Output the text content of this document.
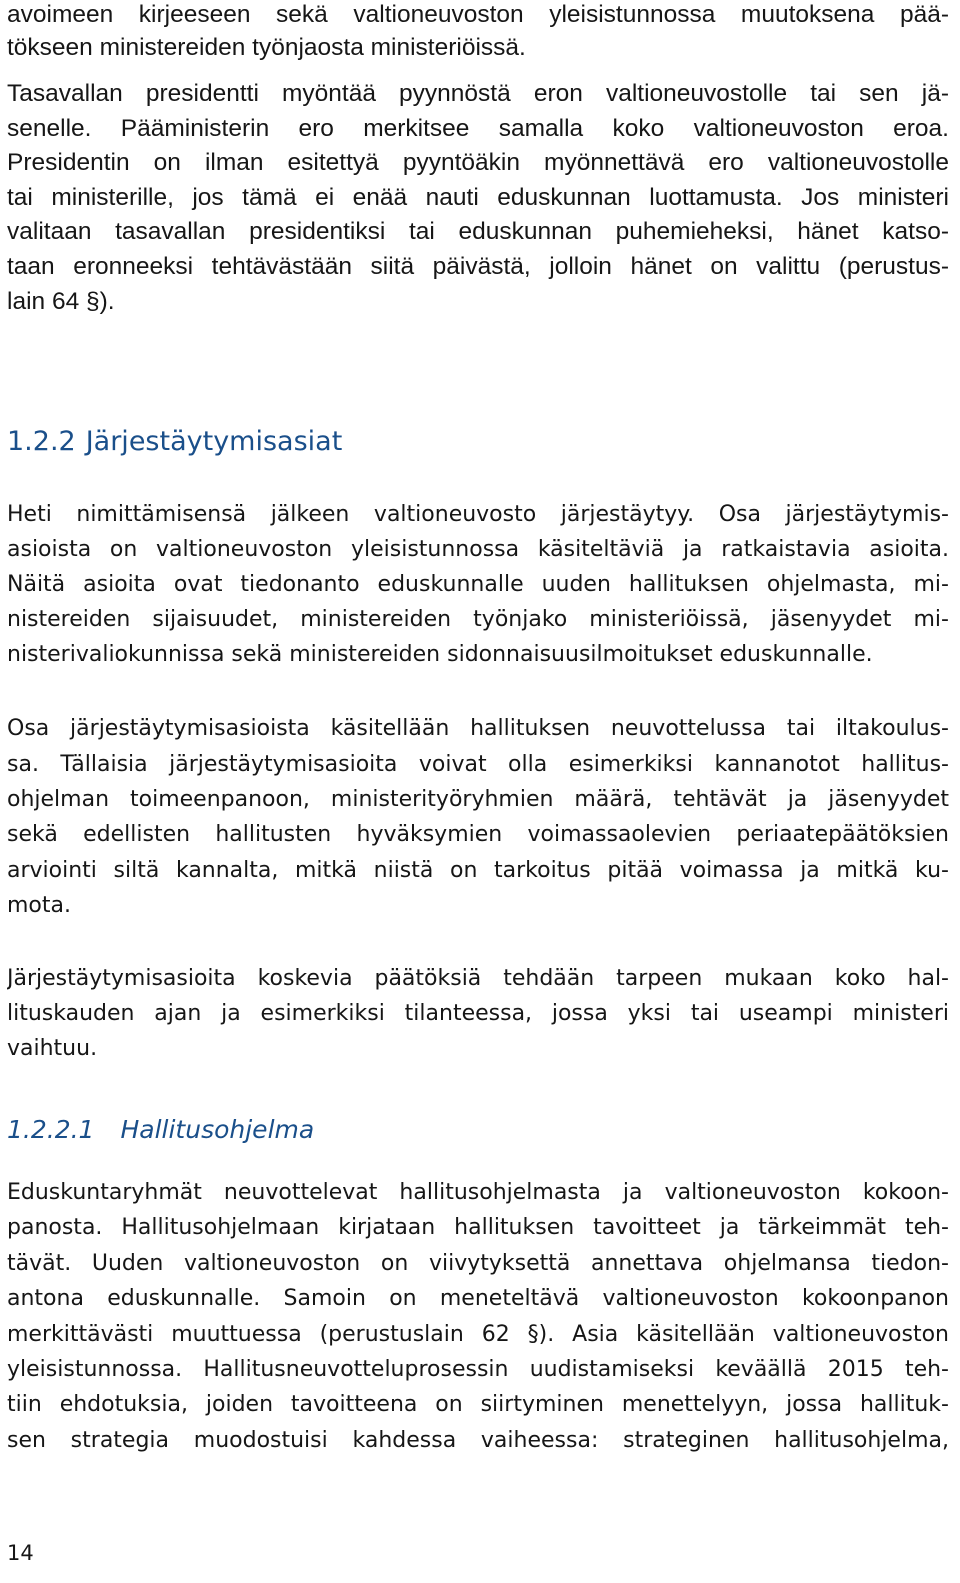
avoimeen kirjeeseen sekä valtioneuvoston yleisistunnossa muutoksena pää-
tökseen ministereiden työnjaosta ministeriöissä.
Tasavallan presidentti myöntää pyynnöstä eron valtioneuvostolle tai sen jä-
senelle. Pääministerin ero merkitsee samalla koko valtioneuvoston eroa.
Presidentin on ilman esitettyä pyyntöäkin myönnettävä ero valtioneuvostolle
tai ministerille, jos tämä ei enää nauti eduskunnan luottamusta. Jos ministeri
valitaan tasavallan presidentiksi tai eduskunnan puhemieheksi, hänet katso-
taan eronneeksi tehtävästään siitä päivästä, jolloin hänet on valittu (perustus-
lain 64 §).
1.2.2 Järjestäytymisasiat
Heti nimittämisensä jälkeen valtioneuvosto järjestäytyy. Osa järjestäytymis-
asioista on valtioneuvoston yleisistunnossa käsiteltäviä ja ratkaistavia asioita.
Näitä asioita ovat tiedonanto eduskunnalle uuden hallituksen ohjelmasta, mi-
nistereiden sijaisuudet, ministereiden työnjako ministeriöissä, jäsenyydet mi-
nisterivaliokunnissa sekä ministereiden sidonnaisuusilmoitukset eduskunnalle.
Osa järjestäytymisasioista käsitellään hallituksen neuvottelussa tai iltakoulus-
sa. Tällaisia järjestäytymisasioita voivat olla esimerkiksi kannanotot hallitus-
ohjelman toimeenpanoon, ministerityöryhmien määrä, tehtävät ja jäsenyydet
sekä edellisten hallitusten hyväksymien voimassaolevien periaatepäätöksien
arviointi siltä kannalta, mitkä niistä on tarkoitus pitää voimassa ja mitkä ku-
mota.
Järjestäytymisasioita koskevia päätöksiä tehdään tarpeen mukaan koko hal-
lituskauden ajan ja esimerkiksi tilanteessa, jossa yksi tai useampi ministeri
vaihtuu.
1.2.2.1 Hallitusohjelma
Eduskuntaryhmät neuvottelevat hallitusohjelmasta ja valtioneuvoston kokoon-
panosta. Hallitusohjelmaan kirjataan hallituksen tavoitteet ja tärkeimmät teh-
tävät. Uuden valtioneuvoston on viivytyksettä annettava ohjelmansa tiedon-
antona eduskunnalle. Samoin on meneteltävä valtioneuvoston kokoonpanon
merkittävästi muuttuessa (perustuslain 62 §). Asia käsitellään valtioneuvoston
yleisistunnossa. Hallitusneuvotteluprosessin uudistamiseksi keväällä 2015 teh-
tiin ehdotuksia, joiden tavoitteena on siirtyminen menettelyyn, jossa hallituk-
sen strategia muodostuisi kahdessa vaiheessa: strateginen hallitusohjelma,
14
